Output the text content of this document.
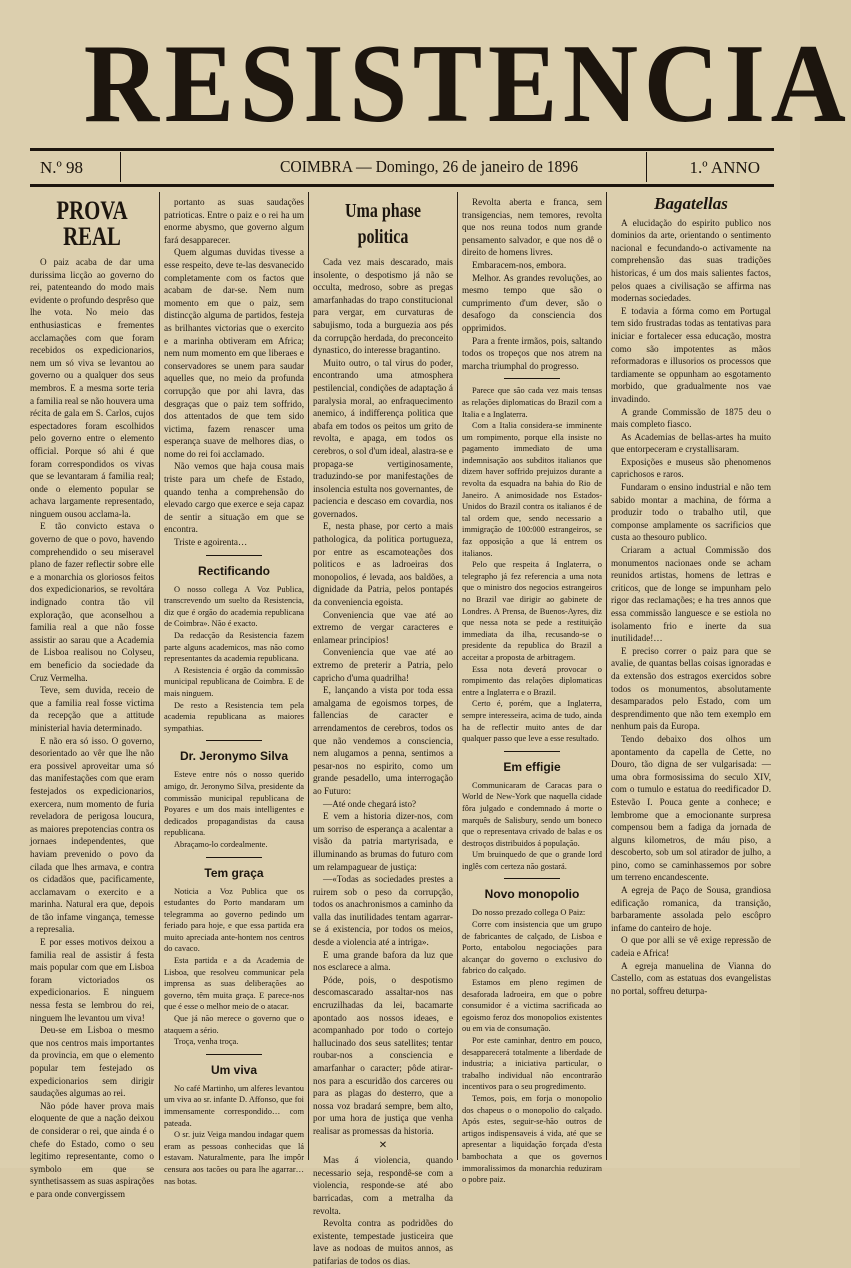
RESISTENCIA
N.º 98	COIMBRA — Domingo, 26 de janeiro de 1896	1.º ANNO
PROVA REAL

O paiz acaba de dar uma durissima licção ao governo do rei, patenteando do modo mais evidente o profundo desprêso que lhe vota. No meio das enthusiasticas e frementes acclamações com que foram recebidos os expedicionarios, nem um só viva se levantou ao governo ou a qualquer dos seus membros. E a mesma sorte teria a familia real se não houvera uma récita de gala em S. Carlos, cujos espectadores foram escolhidos pelo governo entre o elemento official. Porque só ahi é que foram correspondidos os vivas que se levantaram á familia real; onde o elemento popular se achava largamente representado, ninguem ousou acclama-la.

E tão convicto estava o governo de que o povo, havendo comprehendido o seu miseravel plano de fazer reflectir sobre elle e a monarchia os gloriosos feitos dos expedicionarios, se revoltára indignado contra tão vil exploração, que aconselhou a familia real a que não fosse assistir ao sarau que a Academia de Lisboa realisou no Colyseu, em beneficio da sociedade da Cruz Vermelha.

Teve, sem duvida, receio de que a familia real fosse victima da recepção que a attitude ministerial havia determinado.

E não era só isso. O governo, desorientado ao vêr que lhe não era possivel aproveitar uma só das manifestações com que eram festejados os expedicionarios, exercera, num momento de furia reveladora de perigosa loucura, as maiores prepotencias contra os jornaes independentes, que haviam prevenido o povo da cilada que lhes armava, e contra os cidadãos que, pacificamente, acclamavam o exercito e a marinha. Natural era que, depois de tão infame vingança, temesse a represalia.

E por esses motivos deixou a familia real de assistir á festa mais popular com que em Lisboa foram victoriados os expedicionarios. E ninguem nessa festa se lembrou do rei, ninguem lhe levantou um viva!

Deu-se em Lisboa o mesmo que nos centros mais importantes da provincia, em que o elemento popular tem festejado os expedicionarios sem dirigir saudações algumas ao rei.

Não póde haver prova mais eloquente de que a nação deixou de considerar o rei, que ainda é o chefe do Estado, como o seu legitimo representante, como o symbolo em que se synthetisassem as suas aspirações e para onde convergissem

portanto as suas saudações patrioticas. Entre o paiz e o rei ha um enorme abysmo, que governo algum fará desapparecer.

Quem algumas duvidas tivesse a esse respeito, deve te-las desvanecido completamente com os factos que acabam de dar-se. Nem num momento em que o paiz, sem distincção alguma de partidos, festeja as brilhantes victorias que o exercito e a marinha obtiveram em Africa; nem num momento em que liberaes e conservadores se unem para saudar aquelles que, no meio da profunda corrupção que por ahi lavra, das desgraças que o paiz tem soffrido, dos attentados de que tem sido victima, fazem renascer uma esperança suave de melhores dias, o nome do rei foi acclamado.

Não vemos que haja cousa mais triste para um chefe de Estado, quando tenha a comprehensão do elevado cargo que exerce e seja capaz de sentir a situação em que se encontra.

Triste e agoirenta…

Rectificando

O nosso collega A Voz Publica, transcrevendo um suelto da Resistencia, diz que é orgão do academia republicana de Coimbra». Não é exacto.

Da redacção da Resistencia fazem parte alguns academicos, mas não como representantes da academia republicana.

A Resistencia é orgão da commissão municipal republicana de Coimbra. E de mais ninguem.

De resto a Resistencia tem pela academia republicana as maiores sympathias.

Dr. Jeronymo Silva

Esteve entre nós o nosso querido amigo, dr. Jeronymo Silva, presidente da commissão municipal republicana de Poyares e um dos mais intelligentes e dedicados propagandistas da causa republicana.

Abraçamo-lo cordealmente.

Tem graça

Noticia a Voz Publica que os estudantes do Porto mandaram um telegramma ao governo pedindo um feriado para hoje, e que essa partida era muito apreciada ante-hontem nos centros do cavaco.

Esta partida e a da Academia de Lisboa, que resolveu communicar pela imprensa as suas deliberações ao governo, têm muita graça. E parece-nos que é esse o melhor meio de o atacar.

Que já não merece o governo que o ataquem a sério.

Troça, venha troça.

Um viva

No café Martinho, um alferes levantou um viva ao sr. infante D. Affonso, que foi immensamente correspondido… com pateada.

O sr. juiz Veiga mandou indagar quem eram as pessoas conhecidas que lá estavam. Naturalmente, para lhe impôr censura aos tacões ou para lhe agarrar… nas botas.

Uma phase politica

Cada vez mais descarado, mais insolente, o despotismo já não se occulta, medroso, sobre as pregas amarfanhadas do trapo constitucional para vergar, em curvaturas de sabujismo, toda a burguezia aos pés da corrupção herdada, do preconceito dynastico, do interesse bragantino.

Muito outro, o tal virus do poder, encontrando uma atmosphera pestilencial, condições de adaptação á paralysia moral, ao enfraquecimento anemico, á indifferença politica que abafa em todos os peitos um grito de revolta, e apaga, em todos os cerebros, o sol d'um ideal, alastra-se e propaga-se vertiginosamente, traduzindo-se por manifestações de insolencia estulta nos governantes, de paciencia e descaso em covardia, nos governados.

E, nesta phase, por certo a mais pathologica, da politica portugueza, por entre as escamoteações dos politicos e as ladroeiras dos monopolios, é levada, aos baldões, a dignidade da Patria, pelos pontapés da conveniencia egoista.

Conveniencia que vae até ao extremo de vergar caracteres e enlamear principios!

Conveniencia que vae até ao extremo de preterir a Patria, pelo capricho d'uma quadrilha!

E, lançando a vista por toda essa amalgama de egoismos torpes, de fallencias de caracter e arrendamentos de cerebros, todos os que não vendemos a consciencia, nem alugamos a penna, sentimos a pesar-nos no espirito, como um grande pesadello, uma interrogação ao Futuro:

—Até onde chegará isto?

E vem a historia dizer-nos, com um sorriso de esperança a acalentar a visão da patria martyrisada, e illuminando as brumas do futuro com um relampaguear de justiça:

—«Todas as sociedades prestes a ruirem sob o peso da corrupção, todos os anachronismos a caminho da valla das inutilidades tentam agarrar-se á existencia, por todos os meios, desde a violencia até a intriga».

E uma grande bafora da luz que nos esclarece a alma.

Póde, pois, o despotismo descomascarado assaltar-nos nas encruzilhadas da lei, bacamarte apontado aos nossos ideaes, e acompanhado por todo o cortejo hallucinado dos seus satellites; tentar roubar-nos a consciencia e amarfanhar o caracter; pôde atirar-nos para a escuridão dos carceres ou para as plagas do desterro, que a nossa voz bradará sempre, bem alto, por uma hora de justiça que venha realisar as promessas da historia.

✕

Mas á violencia, quando necessario seja, respondê-se com a violencia, responde-se até abo barricadas, com a metralha da revolta.

Revolta contra as podridões do existente, tempestade justiceira que lave as nodoas de muitos annos, as patifarias de todos os dias.

Revolta aberta e franca, sem transigencias, nem temores, revolta que nos reuna todos num grande pensamento salvador, e que nos dê o direito de homens livres.

Embaracem-nos, embora.

Melhor. As grandes revoluções, ao mesmo tempo que são o cumprimento d'um dever, são o desafogo da consciencia dos opprimidos.

Para a frente irmãos, pois, saltando todos os tropeços que nos atrem na marcha triumphal do progresso.

Parece que são cada vez mais tensas as relações diplomaticas do Brazil com a Italia e a Inglaterra.

Com a Italia considera-se imminente um rompimento, porque ella insiste no pagamento immediato de uma indemnisação aos subditos italianos que dizem haver soffrido prejuizos durante a revolta da esquadra na bahia do Rio de Janeiro. A animosidade nos Estados-Unidos do Brazil contra os italianos é de tal ordem que, sendo necessario a immigração de 100:000 estrangeiros, se faz opposição a que lá entrem os italianos.

Pelo que respeita á Inglaterra, o telegrapho já fez referencia a uma nota que o ministro dos negocios estrangeiros no Brazil vae dirigir ao gabinete de Londres. A Prensa, de Buenos-Ayres, diz que nessa nota se pede a restituição immediata da ilha, recusando-se o presidente da republica do Brazil a acceitar a proposta de arbitragem.

Essa nota deverá provocar o rompimento das relações diplomaticas entre a Inglaterra e o Brazil.

Certo é, porém, que a Inglaterra, sempre interesseira, acima de tudo, ainda ha de reflectir muito antes de dar qualquer passo que leve a esse resultado.

Em effigie

Communicaram de Caracas para o World de New-York que naquella cidade fôra julgado e condemnado á morte o marquês de Salisbury, sendo um boneco que o representava crivado de balas e os destroços distribuidos á população.

Um bruinquedo de que o grande lord inglês com certeza não gostará.

Novo monopolio

Do nosso prezado collega O Paiz:

Corre com insistencia que um grupo de fabricantes de calçado, de Lisboa e Porto, entabolou negociações para alcançar do governo o exclusivo do fabrico do calçado.

Estamos em pleno regimen de desaforada ladroeira, em que o pobre consumidor é a victima sacrificada ao egoismo feroz dos monopolios existentes ou em via de consumação.

Por este caminhar, dentro em pouco, desapparecerá totalmente a liberdade de industria; a iniciativa particular, o trabalho individual não encontrarão incentivos para o seu progredimento.

Temos, pois, em forja o monopolio dos chapeus o o monopolio do calçado. Após estes, seguir-se-hão outros de artigos indispensaveis á vida, até que se apresentar a liquidação forçada d'esta bambochata a que os governos immoralissimos da monarchia reduziram o pobre paiz.

Bagatellas

A elucidação do espirito publico nos dominios da arte, orientando o sentimento nacional e fecundando-o activamente na comprehensão das suas tradições historicas, é um dos mais salientes factos, pelos quaes a civilisação se affirma nas modernas sociedades.

E todavia a fórma como em Portugal tem sido frustradas todas as tentativas para iniciar e fortalecer essa educação, mostra como são impotentes as mãos reformadoras e illusorios os processos que tardiamente se oppunham ao esgotamento morbido, que gradualmente nos vae invadindo.

A grande Commissão de 1875 deu o mais completo fiasco.

As Academias de bellas-artes ha muito que entorpeceram e crystallisaram.

Exposições e museus são phenomenos caprichosos e raros.

Fundaram o ensino industrial e não tem sabido montar a machina, de fórma a produzir todo o trabalho util, que componse amplamente os sacrificios que custa ao thesouro publico.

Criaram a actual Commissão dos monumentos nacionaes onde se acham reunidos artistas, homens de lettras e criticos, que de longe se impunham pelo rigor das reclamações; e ha tres annos que essa commissão languesce e se estiola no isolamento frio e inerte da sua inutilidade!…

E preciso correr o paiz para que se avalie, de quantas bellas coisas ignoradas e da extensão dos estragos exercidos sobre todos os monumentos, absolutamente desamparados pelo Estado, com um desprendimento que não tem exemplo em nenhum pais da Europa.

Tendo debaixo dos olhos um apontamento da capella de Cette, no Douro, tão digna de ser vulgarisada: —uma obra formosissima do seculo XIV, com o tumulo e estatua do reedificador D. Estevão I. Pouca gente a conhece; e lembrome que a emocionante surpresa compensou bem a fadiga da jornada de alguns kilometros, de máu piso, a descoberto, sob um sol atirador de julho, a pino, como se caminhassemos por sobre um terreno encandescente.

A egreja de Paço de Sousa, grandiosa edificação romanica, da transição, barbaramente assolada pelo escôpro infame do canteiro de hoje.

O que por alli se vê exige repressão de cadeia e Africa!

A egreja manuelina de Vianna do Castello, com as estatuas dos evangelistas no portal, soffreu deturpa-
